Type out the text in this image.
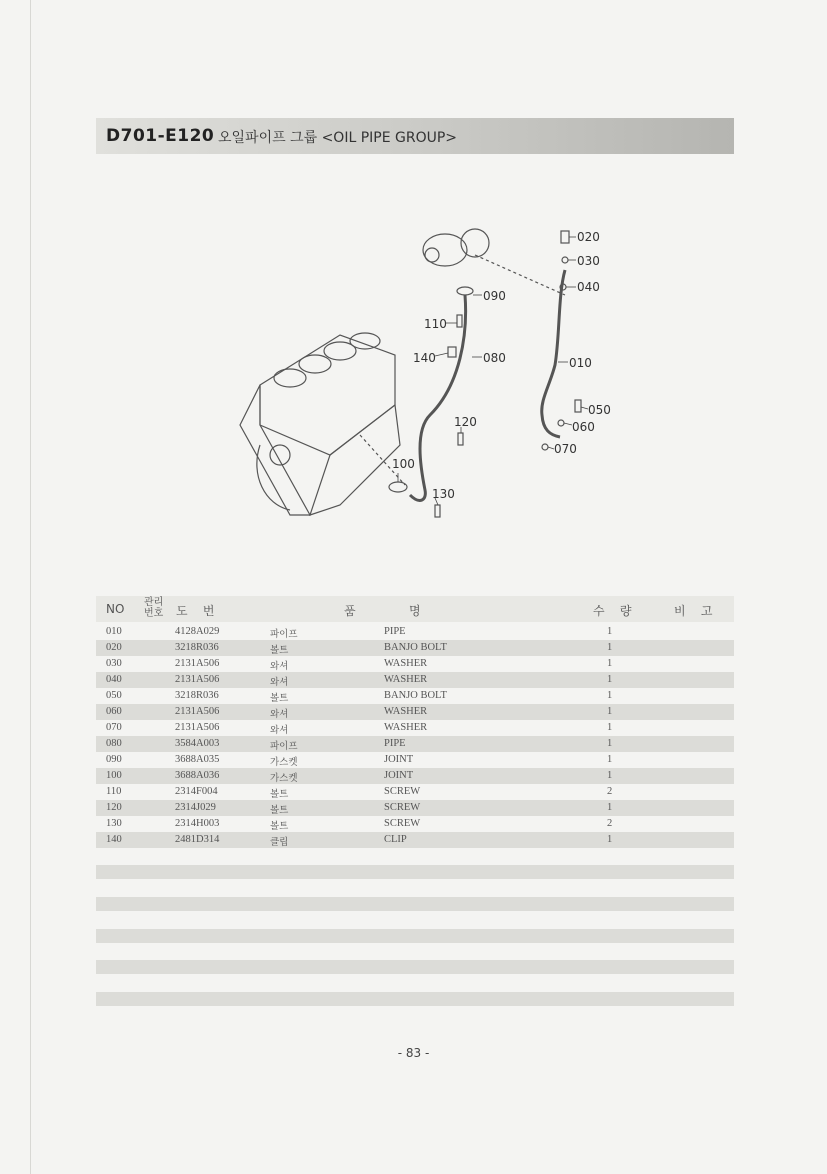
D701-E120 오일파이프 그룹 <OIL PIPE GROUP>
020
030
040
090
110
140	080	010
050
060
120
070
100
130
NO 관리
번호 도    번	품              명	수    량	비    고
010	4128A029	파이프	PIPE	1
020	3218R036	볼트	BANJO BOLT	1
030	2131A506	와셔	WASHER	1
040	2131A506	와셔	WASHER	1
050	3218R036	볼트	BANJO BOLT	1
060	2131A506	와셔	WASHER	1
070	2131A506	와셔	WASHER	1
080	3584A003	파이프	PIPE	1
090	3688A035	가스켓	JOINT	1
100	3688A036	가스켓	JOINT	1
110	2314F004	볼트	SCREW	2
120	2314J029	볼트	SCREW	1
130	2314H003	볼트	SCREW	2
140	2481D314	클립	CLIP	1
- 83 -
